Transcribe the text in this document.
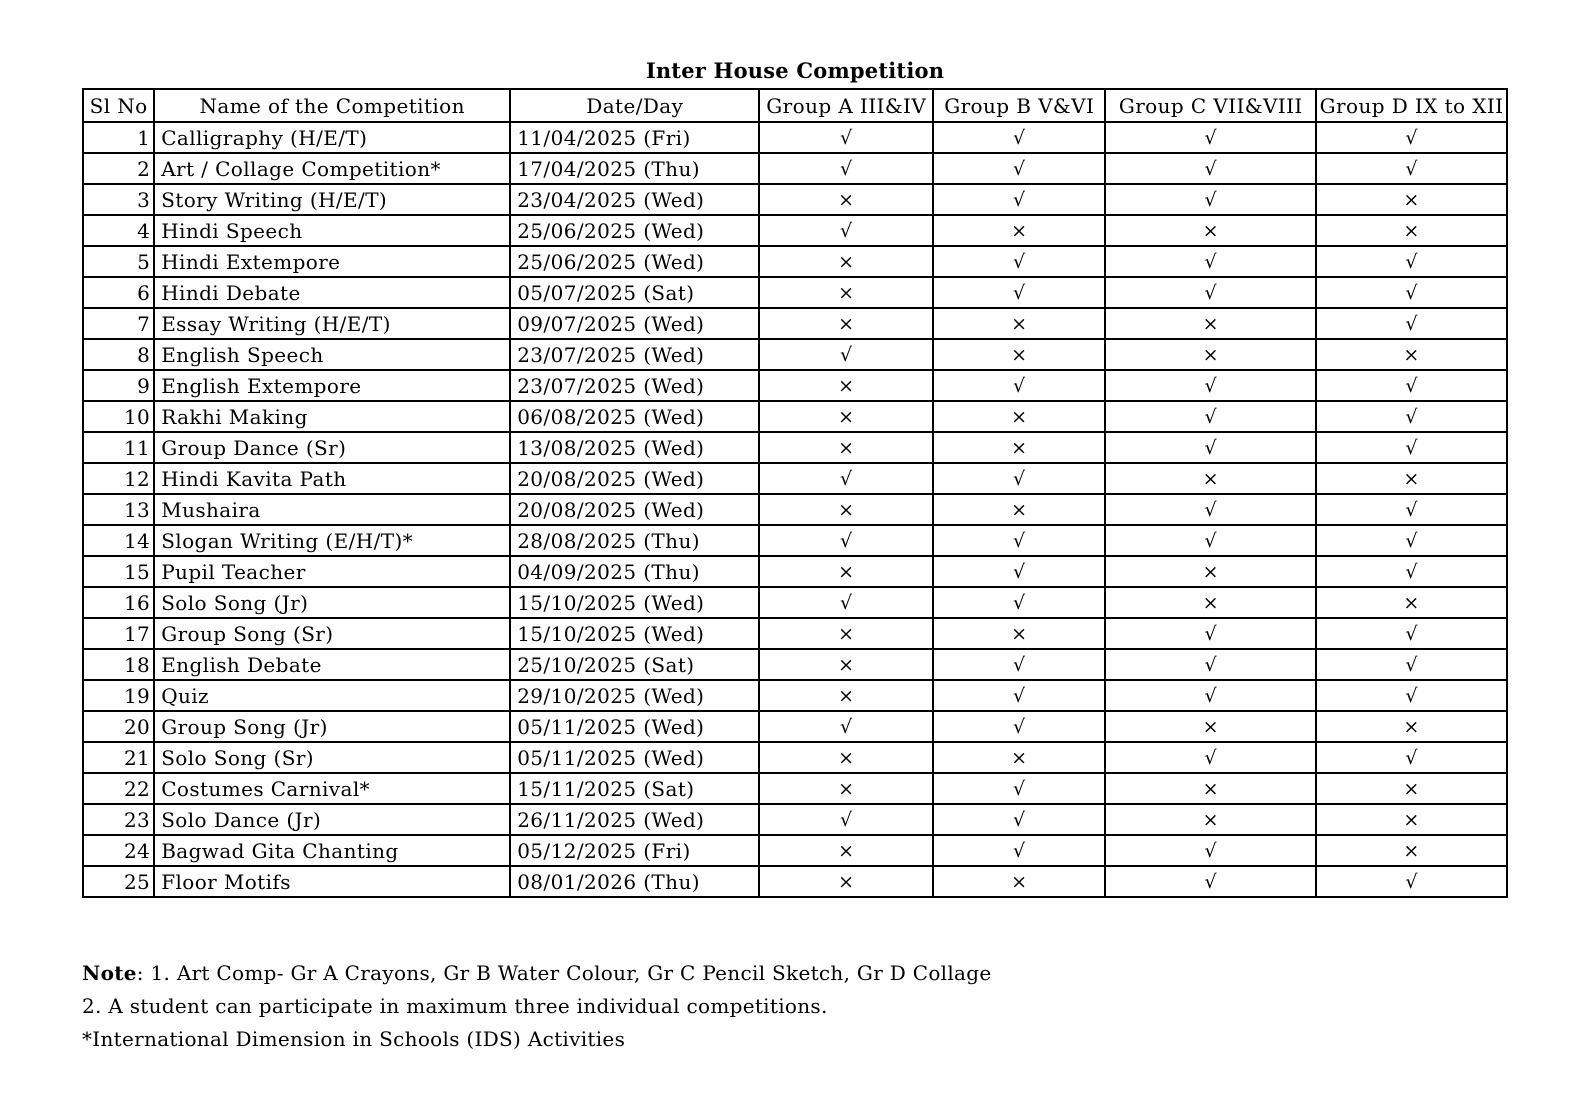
Inter House Competition
Sl No	Name of the Competition	Date/Day	Group A III&IV	Group B V&VI	Group C VII&VIII	Group D IX to XII
1	Calligraphy (H/E/T)	11/04/2025 (Fri)	√	√	√	√
2	Art / Collage Competition*	17/04/2025 (Thu)	√	√	√	√
3	Story Writing (H/E/T)	23/04/2025 (Wed)	×	√	√	×
4	Hindi Speech	25/06/2025 (Wed)	√	×	×	×
5	Hindi Extempore	25/06/2025 (Wed)	×	√	√	√
6	Hindi Debate	05/07/2025 (Sat)	×	√	√	√
7	Essay Writing (H/E/T)	09/07/2025 (Wed)	×	×	×	√
8	English Speech	23/07/2025 (Wed)	√	×	×	×
9	English Extempore	23/07/2025 (Wed)	×	√	√	√
10	Rakhi Making	06/08/2025 (Wed)	×	×	√	√
11	Group Dance (Sr)	13/08/2025 (Wed)	×	×	√	√
12	Hindi Kavita Path	20/08/2025 (Wed)	√	√	×	×
13	Mushaira	20/08/2025 (Wed)	×	×	√	√
14	Slogan Writing (E/H/T)*	28/08/2025 (Thu)	√	√	√	√
15	Pupil Teacher	04/09/2025 (Thu)	×	√	×	√
16	Solo Song (Jr)	15/10/2025 (Wed)	√	√	×	×
17	Group Song (Sr)	15/10/2025 (Wed)	×	×	√	√
18	English Debate	25/10/2025 (Sat)	×	√	√	√
19	Quiz	29/10/2025 (Wed)	×	√	√	√
20	Group Song (Jr)	05/11/2025 (Wed)	√	√	×	×
21	Solo Song (Sr)	05/11/2025 (Wed)	×	×	√	√
22	Costumes Carnival*	15/11/2025 (Sat)	×	√	×	×
23	Solo Dance (Jr)	26/11/2025 (Wed)	√	√	×	×
24	Bagwad Gita Chanting	05/12/2025 (Fri)	×	√	√	×
25	Floor Motifs	08/01/2026 (Thu)	×	×	√	√

Note: 1. Art Comp- Gr A Crayons, Gr B Water Colour, Gr C Pencil Sketch, Gr D Collage

2. A student can participate in maximum three individual competitions.

*International Dimension in Schools (IDS) Activities
